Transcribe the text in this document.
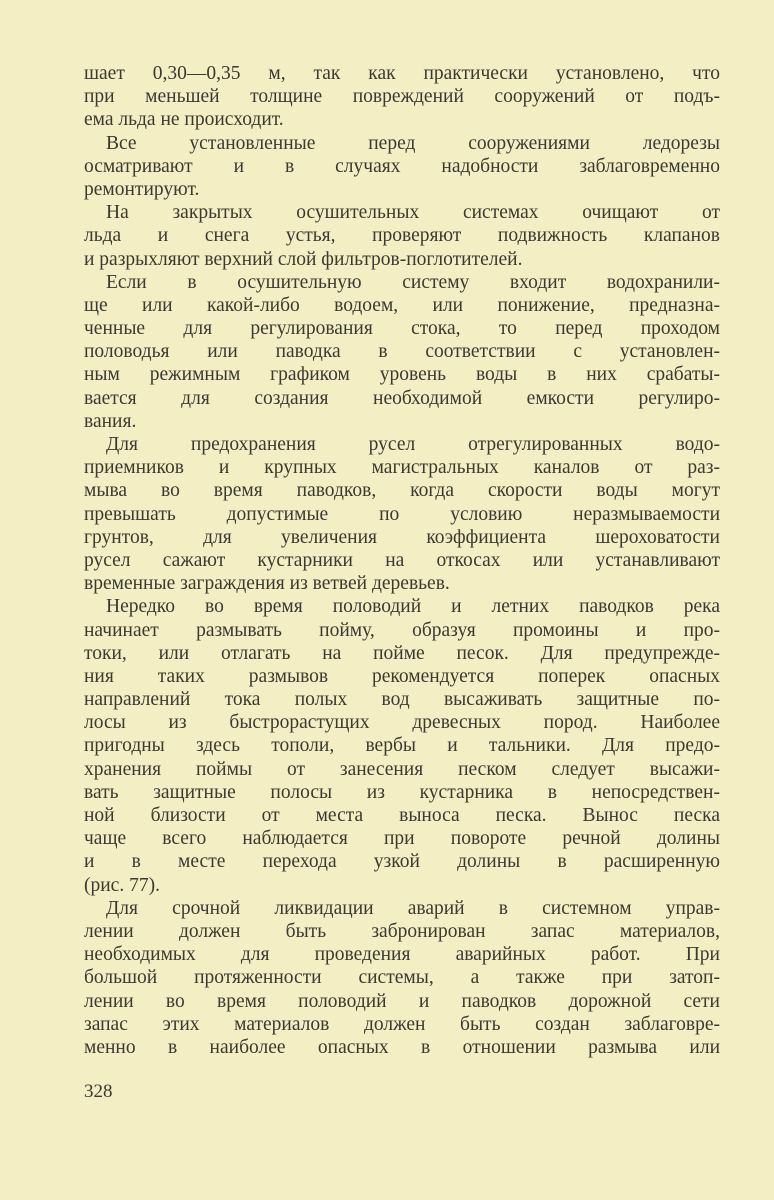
шает 0,30—0,35 м, так как практически установлено, что
при меньшей толщине повреждений сооружений от подъ-
ема льда не происходит.
Все установленные перед сооружениями ледорезы
осматривают и в случаях надобности заблаговременно
ремонтируют.
На закрытых осушительных системах очищают от
льда и снега устья, проверяют подвижность клапанов
и разрыхляют верхний слой фильтров-поглотителей.
Если в осушительную систему входит водохранили-
ще или какой-либо водоем, или понижение, предназна-
ченные для регулирования стока, то перед проходом
половодья или паводка в соответствии с установлен-
ным режимным графиком уровень воды в них срабаты-
вается для создания необходимой емкости регулиро-
вания.
Для предохранения русел отрегулированных водо-
приемников и крупных магистральных каналов от раз-
мыва во время паводков, когда скорости воды могут
превышать допустимые по условию неразмываемости
грунтов, для увеличения коэффициента шероховатости
русел сажают кустарники на откосах или устанавливают
временные заграждения из ветвей деревьев.
Нередко во время половодий и летних паводков река
начинает размывать пойму, образуя промоины и про-
токи, или отлагать на пойме песок. Для предупрежде-
ния таких размывов рекомендуется поперек опасных
направлений тока полых вод высаживать защитные по-
лосы из быстрорастущих древесных пород. Наиболее
пригодны здесь тополи, вербы и тальники. Для предо-
хранения поймы от занесения песком следует высажи-
вать защитные полосы из кустарника в непосредствен-
ной близости от места выноса песка. Вынос песка
чаще всего наблюдается при повороте речной долины
и в месте перехода узкой долины в расширенную
(рис. 77).
Для срочной ликвидации аварий в системном управ-
лении должен быть забронирован запас материалов,
необходимых для проведения аварийных работ. При
большой протяженности системы, а также при затоп-
лении во время половодий и паводков дорожной сети
запас этих материалов должен быть создан заблаговре-
менно в наиболее опасных в отношении размыва или
328
